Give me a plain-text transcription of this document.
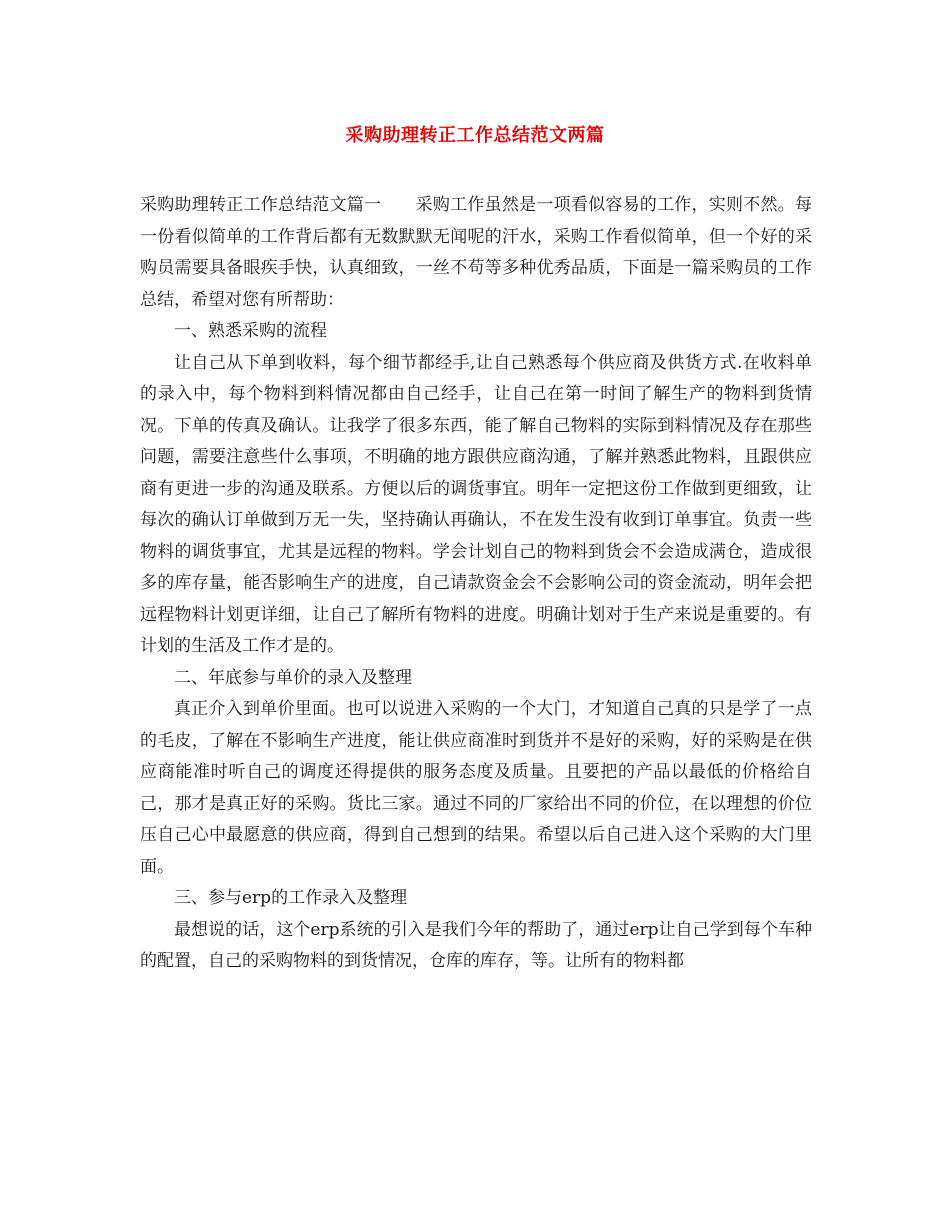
采购助理转正工作总结范文两篇

采购助理转正工作总结范文篇一 采购工作虽然是一项看似容易的工作，实则不然。每一份看似简单的工作背后都有无数默默无闻呢的汗水，采购工作看似简单，但一个好的采购员需要具备眼疾手快，认真细致，一丝不苟等多种优秀品质，下面是一篇采购员的工作总结，希望对您有所帮助：

一、熟悉采购的流程

让自己从下单到收料，每个细节都经手,让自己熟悉每个供应商及供货方式.在收料单的录入中，每个物料到料情况都由自己经手，让自己在第一时间了解生产的物料到货情况。下单的传真及确认。让我学了很多东西，能了解自己物料的实际到料情况及存在那些问题，需要注意些什么事项，不明确的地方跟供应商沟通，了解并熟悉此物料，且跟供应商有更进一步的沟通及联系。方便以后的调货事宜。明年一定把这份工作做到更细致，让每次的确认订单做到万无一失，坚持确认再确认，不在发生没有收到订单事宜。负责一些物料的调货事宜，尤其是远程的物料。学会计划自己的物料到货会不会造成满仓，造成很多的库存量，能否影响生产的进度，自己请款资金会不会影响公司的资金流动，明年会把远程物料计划更详细，让自己了解所有物料的进度。明确计划对于生产来说是重要的。有计划的生活及工作才是的。

二、年底参与单价的录入及整理

真正介入到单价里面。也可以说进入采购的一个大门，才知道自己真的只是学了一点的毛皮，了解在不影响生产进度，能让供应商准时到货并不是好的采购，好的采购是在供应商能准时听自己的调度还得提供的服务态度及质量。且要把的产品以最低的价格给自己，那才是真正好的采购。货比三家。通过不同的厂家给出不同的价位，在以理想的价位压自己心中最愿意的供应商，得到自己想到的结果。希望以后自己进入这个采购的大门里面。

三、参与erp的工作录入及整理

最想说的话，这个erp系统的引入是我们今年的帮助了，通过erp让自己学到每个车种的配置，自己的采购物料的到货情况，仓库的库存，等。让所有的物料都
